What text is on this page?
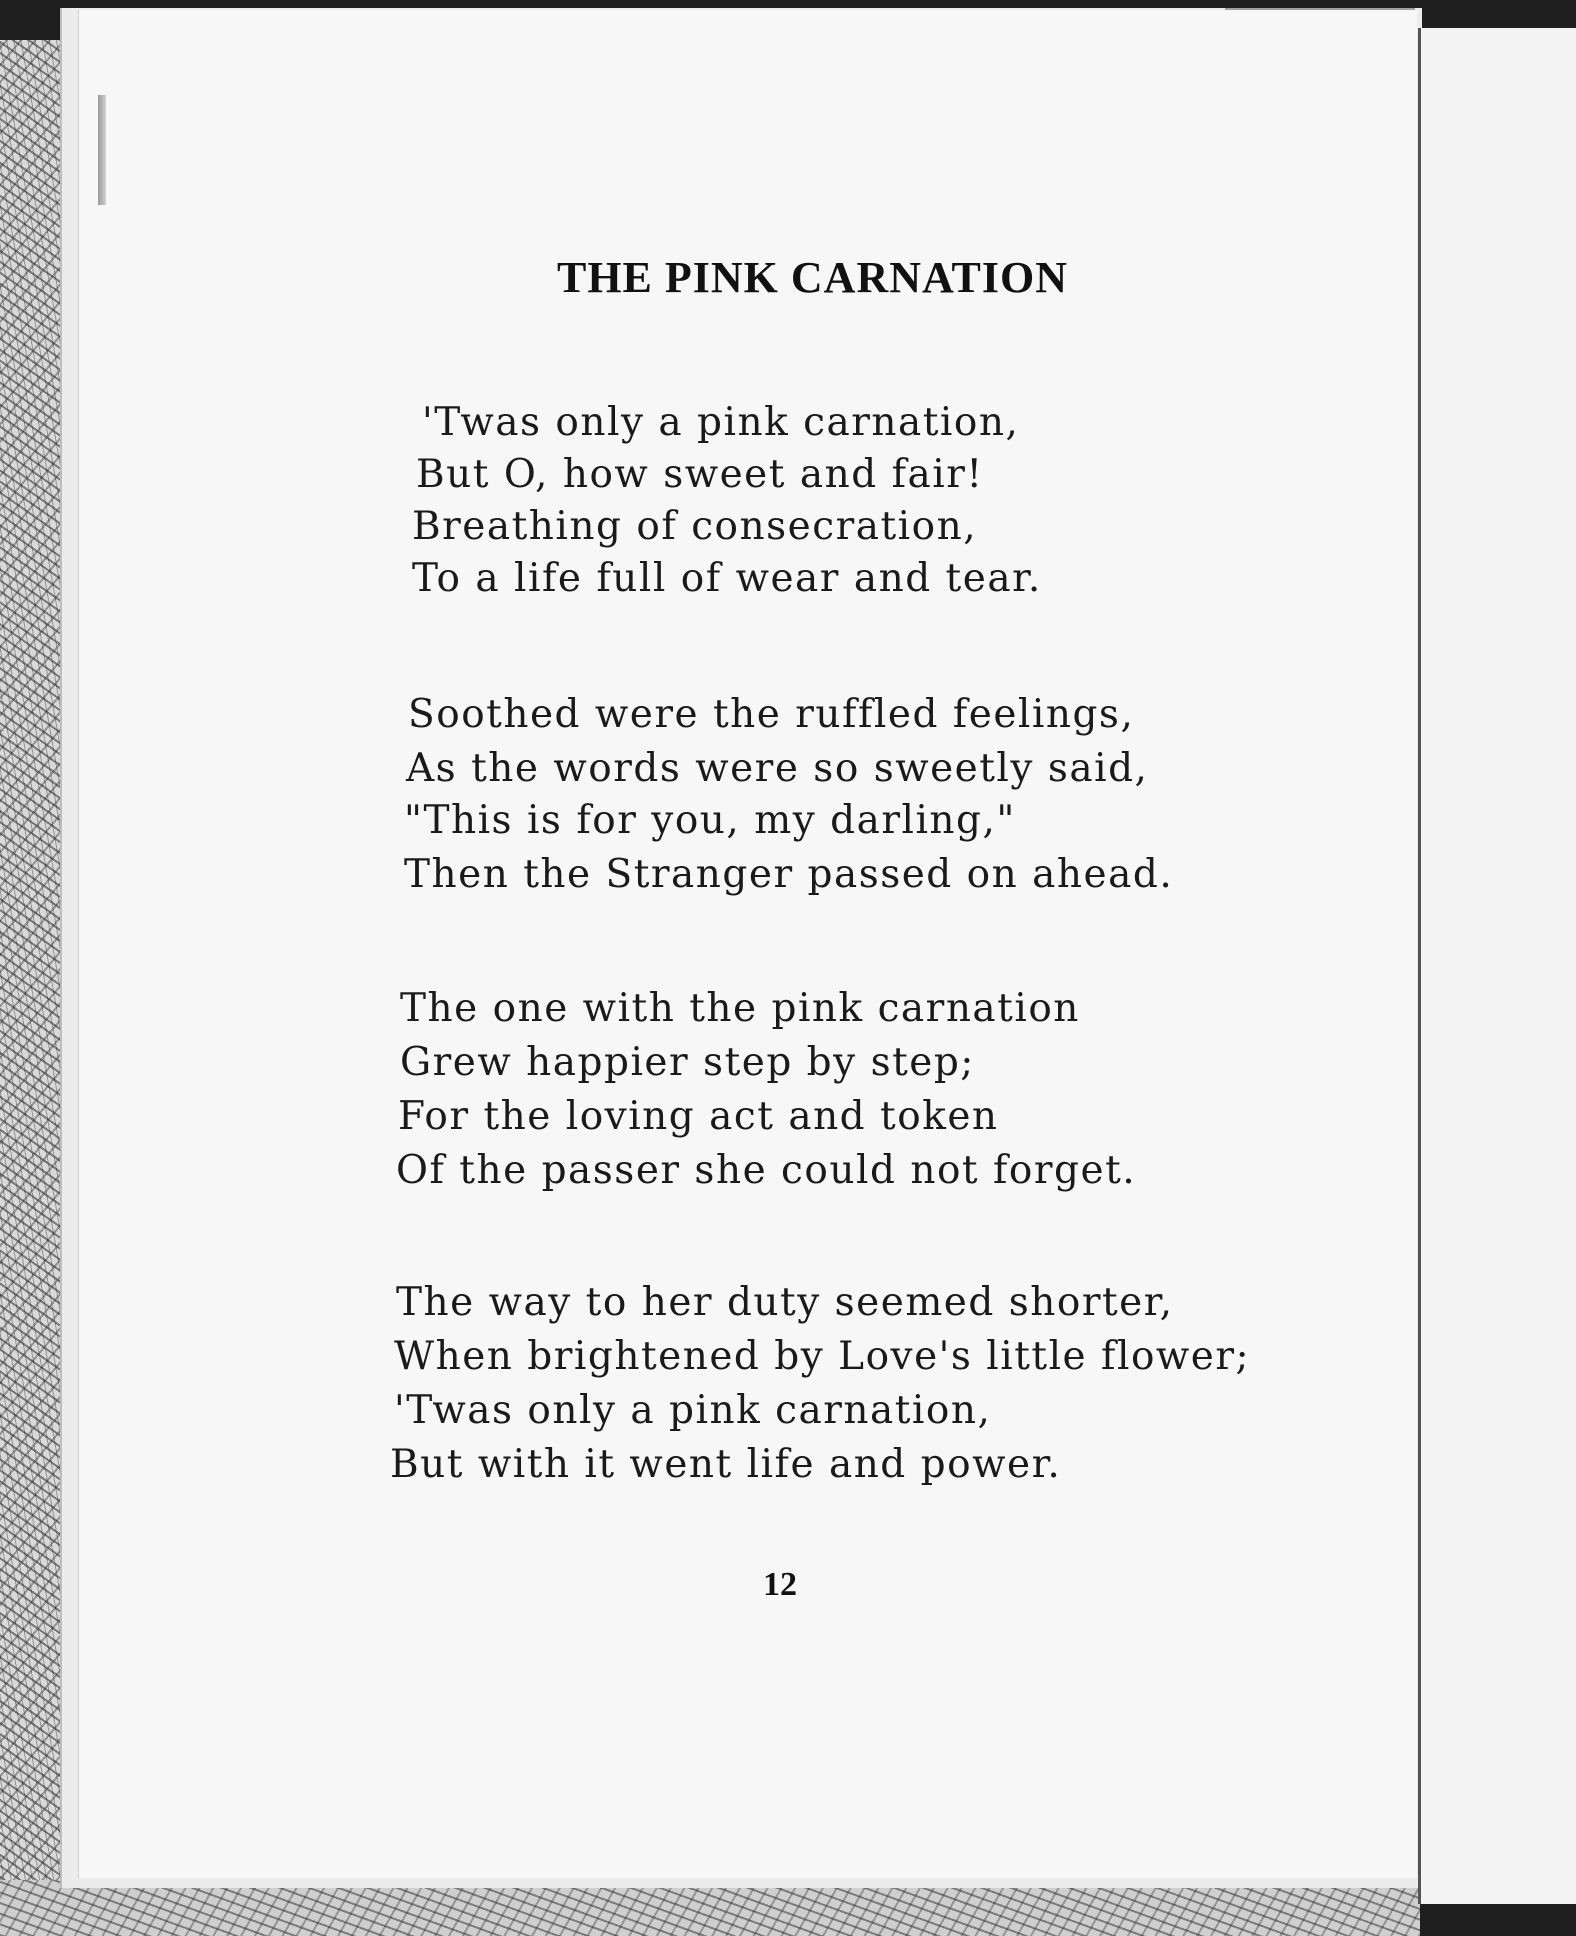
THE PINK CARNATION
'Twas only a pink carnation,
But O, how sweet and fair!
Breathing of consecration,
To a life full of wear and tear.
Soothed were the ruffled feelings,
As the words were so sweetly said,
"This is for you, my darling,"
Then the Stranger passed on ahead.
The one with the pink carnation
Grew happier step by step;
For the loving act and token
Of the passer she could not forget.
The way to her duty seemed shorter,
When brightened by Love's little flower;
'Twas only a pink carnation,
But with it went life and power.
12
